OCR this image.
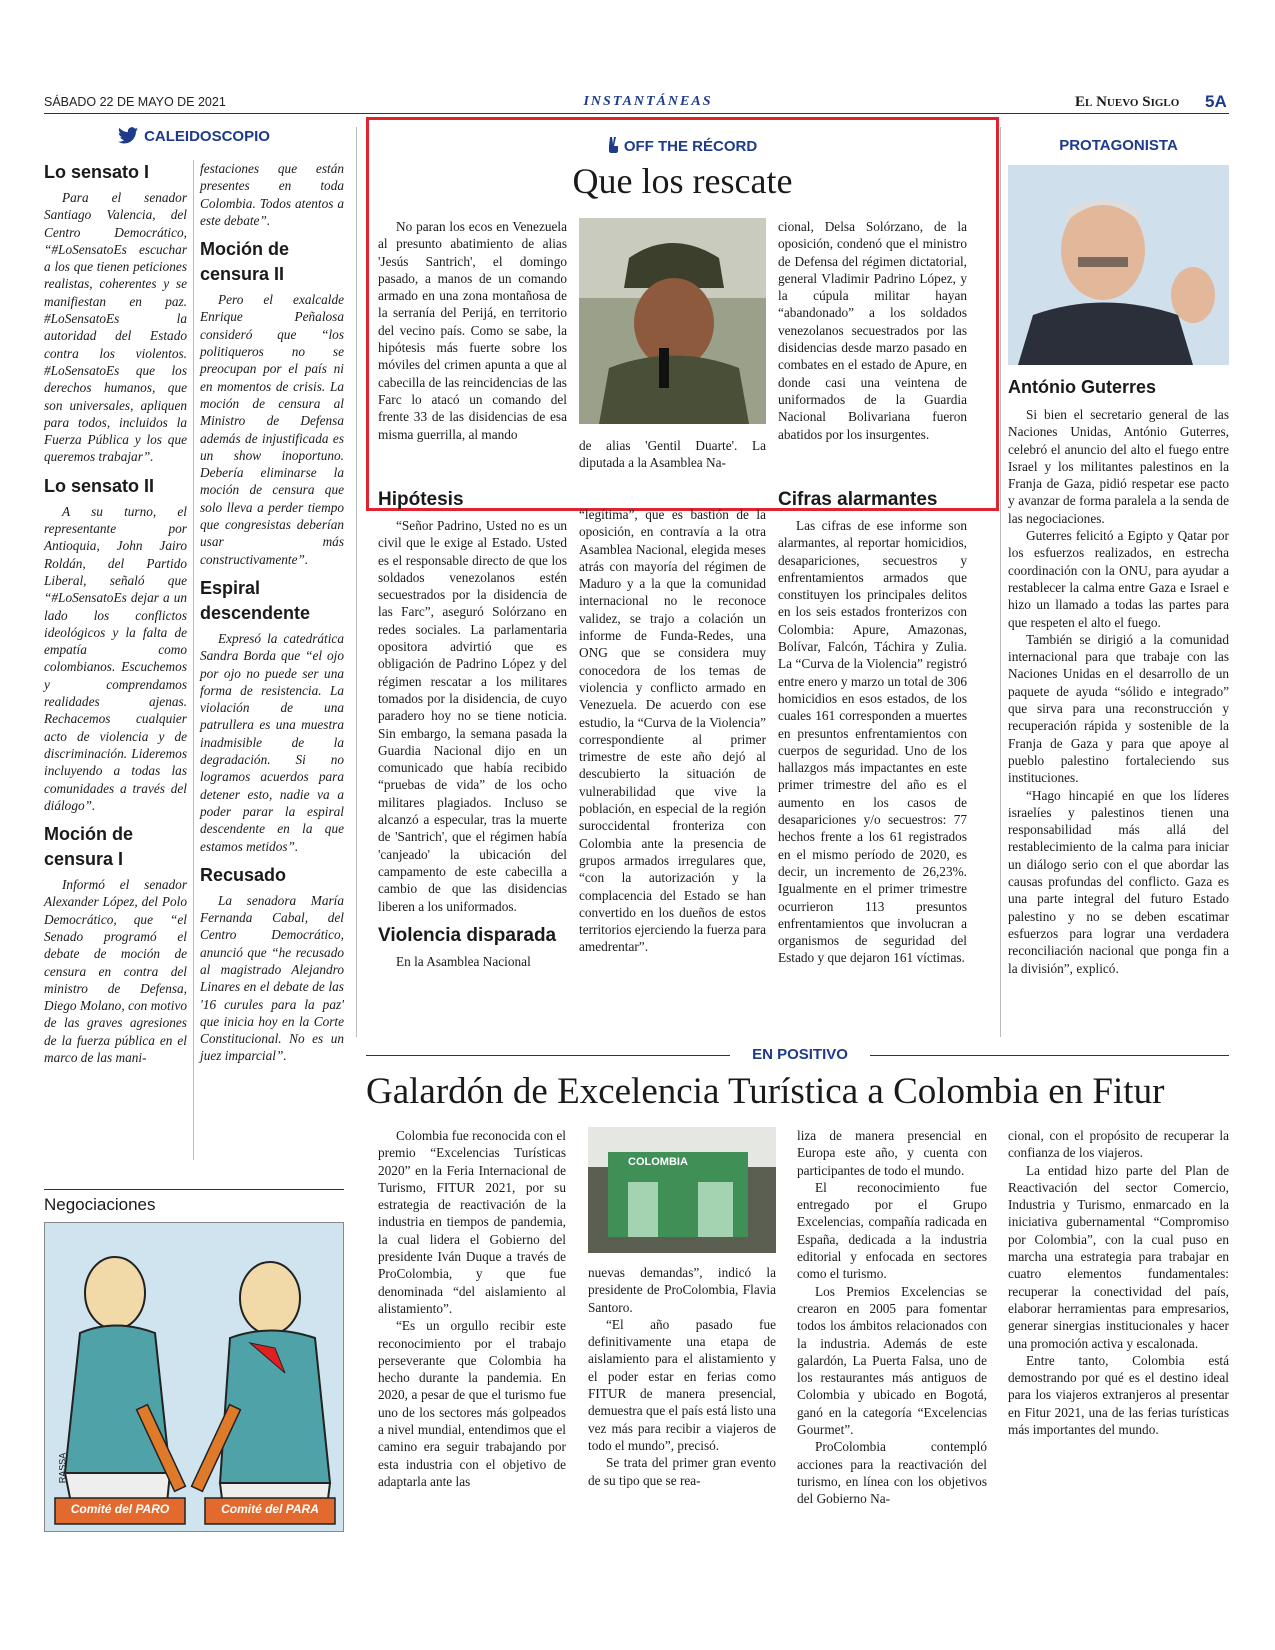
SÁBADO 22 DE MAYO DE 2021	INSTANTÁNEAS	El Nuevo Siglo 5A
CALEIDOSCOPIO
Lo sensato I

Para el senador Santiago Valencia, del Centro Democrático, “#LoSensatoEs escuchar a los que tienen peticiones realistas, coherentes y se manifiestan en paz. #LoSensatoEs la autoridad del Estado contra los violentos. #LoSensatoEs que los derechos humanos, que son universales, apliquen para todos, incluidos la Fuerza Pública y los que queremos trabajar”.

Lo sensato II

A su turno, el representante por Antioquia, John Jairo Roldán, del Partido Liberal, señaló que “#LoSensatoEs dejar a un lado los conflictos ideológicos y la falta de empatía como colombianos. Escuchemos y comprendamos realidades ajenas. Rechacemos cualquier acto de violencia y de discriminación. Lideremos incluyendo a todas las comunidades a través del diálogo”.

Moción de censura I

Informó el senador Alexander López, del Polo Democrático, que “el Senado programó el debate de moción de censura en contra del ministro de Defensa, Diego Molano, con motivo de las graves agresiones de la fuerza pública en el marco de las mani-

festaciones que están presentes en toda Colombia. Todos atentos a este debate”.

Moción de censura II

Pero el exalcalde Enrique Peñalosa consideró que “los politiqueros no se preocupan por el país ni en momentos de crisis. La moción de censura al Ministro de Defensa además de injustificada es un show inoportuno. Debería eliminarse la moción de censura que solo lleva a perder tiempo que congresistas deberían usar más constructivamente”.

Espiral descendente

Expresó la catedrática Sandra Borda que “el ojo por ojo no puede ser una forma de resistencia. La violación de una patrullera es una muestra inadmisible de la degradación. Si no logramos acuerdos para detener esto, nadie va a poder parar la espiral descendente en la que estamos metidos”.

Recusado

La senadora María Fernanda Cabal, del Centro Democrático, anunció que “he recusado al magistrado Alejandro Linares en el debate de las '16 curules para la paz' que inicia hoy en la Corte Constitucional. No es un juez imparcial”.

Negociaciones
Comité del PARO	Comité del PARA
RASSA
OFF THE RÉCORD
Que los rescate

No paran los ecos en Venezuela al presunto abatimiento de alias 'Jesús Santrich', el domingo pasado, a manos de un comando armado en una zona montañosa de la serranía del Perijá, en territorio del vecino país. Como se sabe, la hipótesis más fuerte sobre los móviles del crimen apunta a que al cabecilla de las reincidencias de las Farc lo atacó un comando del frente 33 de las disidencias de esa misma guerrilla, al mando

de alias 'Gentil Duarte'. La diputada a la Asamblea Na-

cional, Delsa Solórzano, de la oposición, condenó que el ministro de Defensa del régimen dictatorial, general Vladimir Padrino López, y la cúpula militar hayan “abandonado” a los soldados venezolanos secuestrados por las disidencias desde marzo pasado en combates en el estado de Apure, en donde casi una veintena de uniformados de la Guardia Nacional Bolivariana fueron abatidos por los insurgentes.

Hipótesis

“Señor Padrino, Usted no es un civil que le exige al Estado. Usted es el responsable directo de que los soldados venezolanos estén secuestrados por la disidencia de las Farc”, aseguró Solórzano en redes sociales. La parlamentaria opositora advirtió que es obligación de Padrino López y del régimen rescatar a los militares tomados por la disidencia, de cuyo paradero hoy no se tiene noticia. Sin embargo, la semana pasada la Guardia Nacional dijo en un comunicado que había recibido “pruebas de vida” de los ocho militares plagiados. Incluso se alcanzó a especular, tras la muerte de 'Santrich', que el régimen había 'canjeado' la ubicación del campamento de este cabecilla a cambio de que las disidencias liberen a los uniformados.

Violencia disparada

En la Asamblea Nacional

“legítima”, que es bastión de la oposición, en contravía a la otra Asamblea Nacional, elegida meses atrás con mayoría del régimen de Maduro y a la que la comunidad internacional no le reconoce validez, se trajo a colación un informe de Funda-Redes, una ONG que se considera muy conocedora de los temas de violencia y conflicto armado en Venezuela. De acuerdo con ese estudio, la “Curva de la Violencia” correspondiente al primer trimestre de este año dejó al descubierto la situación de vulnerabilidad que vive la población, en especial de la región suroccidental fronteriza con Colombia ante la presencia de grupos armados irregulares que, “con la autorización y la complacencia del Estado se han convertido en los dueños de estos territorios ejerciendo la fuerza para amedrentar”.

Cifras alarmantes

Las cifras de ese informe son alarmantes, al reportar homicidios, desapariciones, secuestros y enfrentamientos armados que constituyen los principales delitos en los seis estados fronterizos con Colombia: Apure, Amazonas, Bolívar, Falcón, Táchira y Zulia. La “Curva de la Violencia” registró entre enero y marzo un total de 306 homicidios en esos estados, de los cuales 161 corresponden a muertes en presuntos enfrentamientos con cuerpos de seguridad. Uno de los hallazgos más impactantes en este primer trimestre del año es el aumento en los casos de desapariciones y/o secuestros: 77 hechos frente a los 61 registrados en el mismo período de 2020, es decir, un incremento de 26,23%. Igualmente en el primer trimestre ocurrieron 113 presuntos enfrentamientos que involucran a organismos de seguridad del Estado y que dejaron 161 víctimas.

PROTAGONISTA
António Guterres

Si bien el secretario general de las Naciones Unidas, António Guterres, celebró el anuncio del alto el fuego entre Israel y los militantes palestinos en la Franja de Gaza, pidió respetar ese pacto y avanzar de forma paralela a la senda de las negociaciones.

Guterres felicitó a Egipto y Qatar por los esfuerzos realizados, en estrecha coordinación con la ONU, para ayudar a restablecer la calma entre Gaza e Israel e hizo un llamado a todas las partes para que respeten el alto el fuego.

También se dirigió a la comunidad internacional para que trabaje con las Naciones Unidas en el desarrollo de un paquete de ayuda “sólido e integrado” que sirva para una reconstrucción y recuperación rápida y sostenible de la Franja de Gaza y para que apoye al pueblo palestino fortaleciendo sus instituciones.

“Hago hincapié en que los líderes israelíes y palestinos tienen una responsabilidad más allá del restablecimiento de la calma para iniciar un diálogo serio con el que abordar las causas profundas del conflicto. Gaza es una parte integral del futuro Estado palestino y no se deben escatimar esfuerzos para lograr una verdadera reconciliación nacional que ponga fin a la división”, explicó.

EN POSITIVO
Galardón de Excelencia Turística a Colombia en Fitur

Colombia fue reconocida con el premio “Excelencias Turísticas 2020” en la Feria Internacional de Turismo, FITUR 2021, por su estrategia de reactivación de la industria en tiempos de pandemia, la cual lidera el Gobierno del presidente Iván Duque a través de ProColombia, y que fue denominada “del aislamiento al alistamiento”.

“Es un orgullo recibir este reconocimiento por el trabajo perseverante que Colombia ha hecho durante la pandemia. En 2020, a pesar de que el turismo fue uno de los sectores más golpeados a nivel mundial, entendimos que el camino era seguir trabajando por esta industria con el objetivo de adaptarla ante las

COLOMBIA

nuevas demandas”, indicó la presidente de ProColombia, Flavia Santoro.

“El año pasado fue definitivamente una etapa de aislamiento para el alistamiento y el poder estar en ferias como FITUR de manera presencial, demuestra que el país está listo una vez más para recibir a viajeros de todo el mundo”, precisó.

Se trata del primer gran evento de su tipo que se rea-

liza de manera presencial en Europa este año, y cuenta con participantes de todo el mundo.

El reconocimiento fue entregado por el Grupo Excelencias, compañía radicada en España, dedicada a la industria editorial y enfocada en sectores como el turismo.

Los Premios Excelencias se crearon en 2005 para fomentar todos los ámbitos relacionados con la industria. Además de este galardón, La Puerta Falsa, uno de los restaurantes más antiguos de Colombia y ubicado en Bogotá, ganó en la categoría “Excelencias Gourmet”.

ProColombia contempló acciones para la reactivación del turismo, en línea con los objetivos del Gobierno Na-

cional, con el propósito de recuperar la confianza de los viajeros.

La entidad hizo parte del Plan de Reactivación del sector Comercio, Industria y Turismo, enmarcado en la iniciativa gubernamental “Compromiso por Colombia”, con la cual puso en marcha una estrategia para trabajar en cuatro elementos fundamentales: recuperar la conectividad del país, elaborar herramientas para empresarios, generar sinergias institucionales y hacer una promoción activa y escalonada.

Entre tanto, Colombia está demostrando por qué es el destino ideal para los viajeros extranjeros al presentar en Fitur 2021, una de las ferias turísticas más importantes del mundo.
